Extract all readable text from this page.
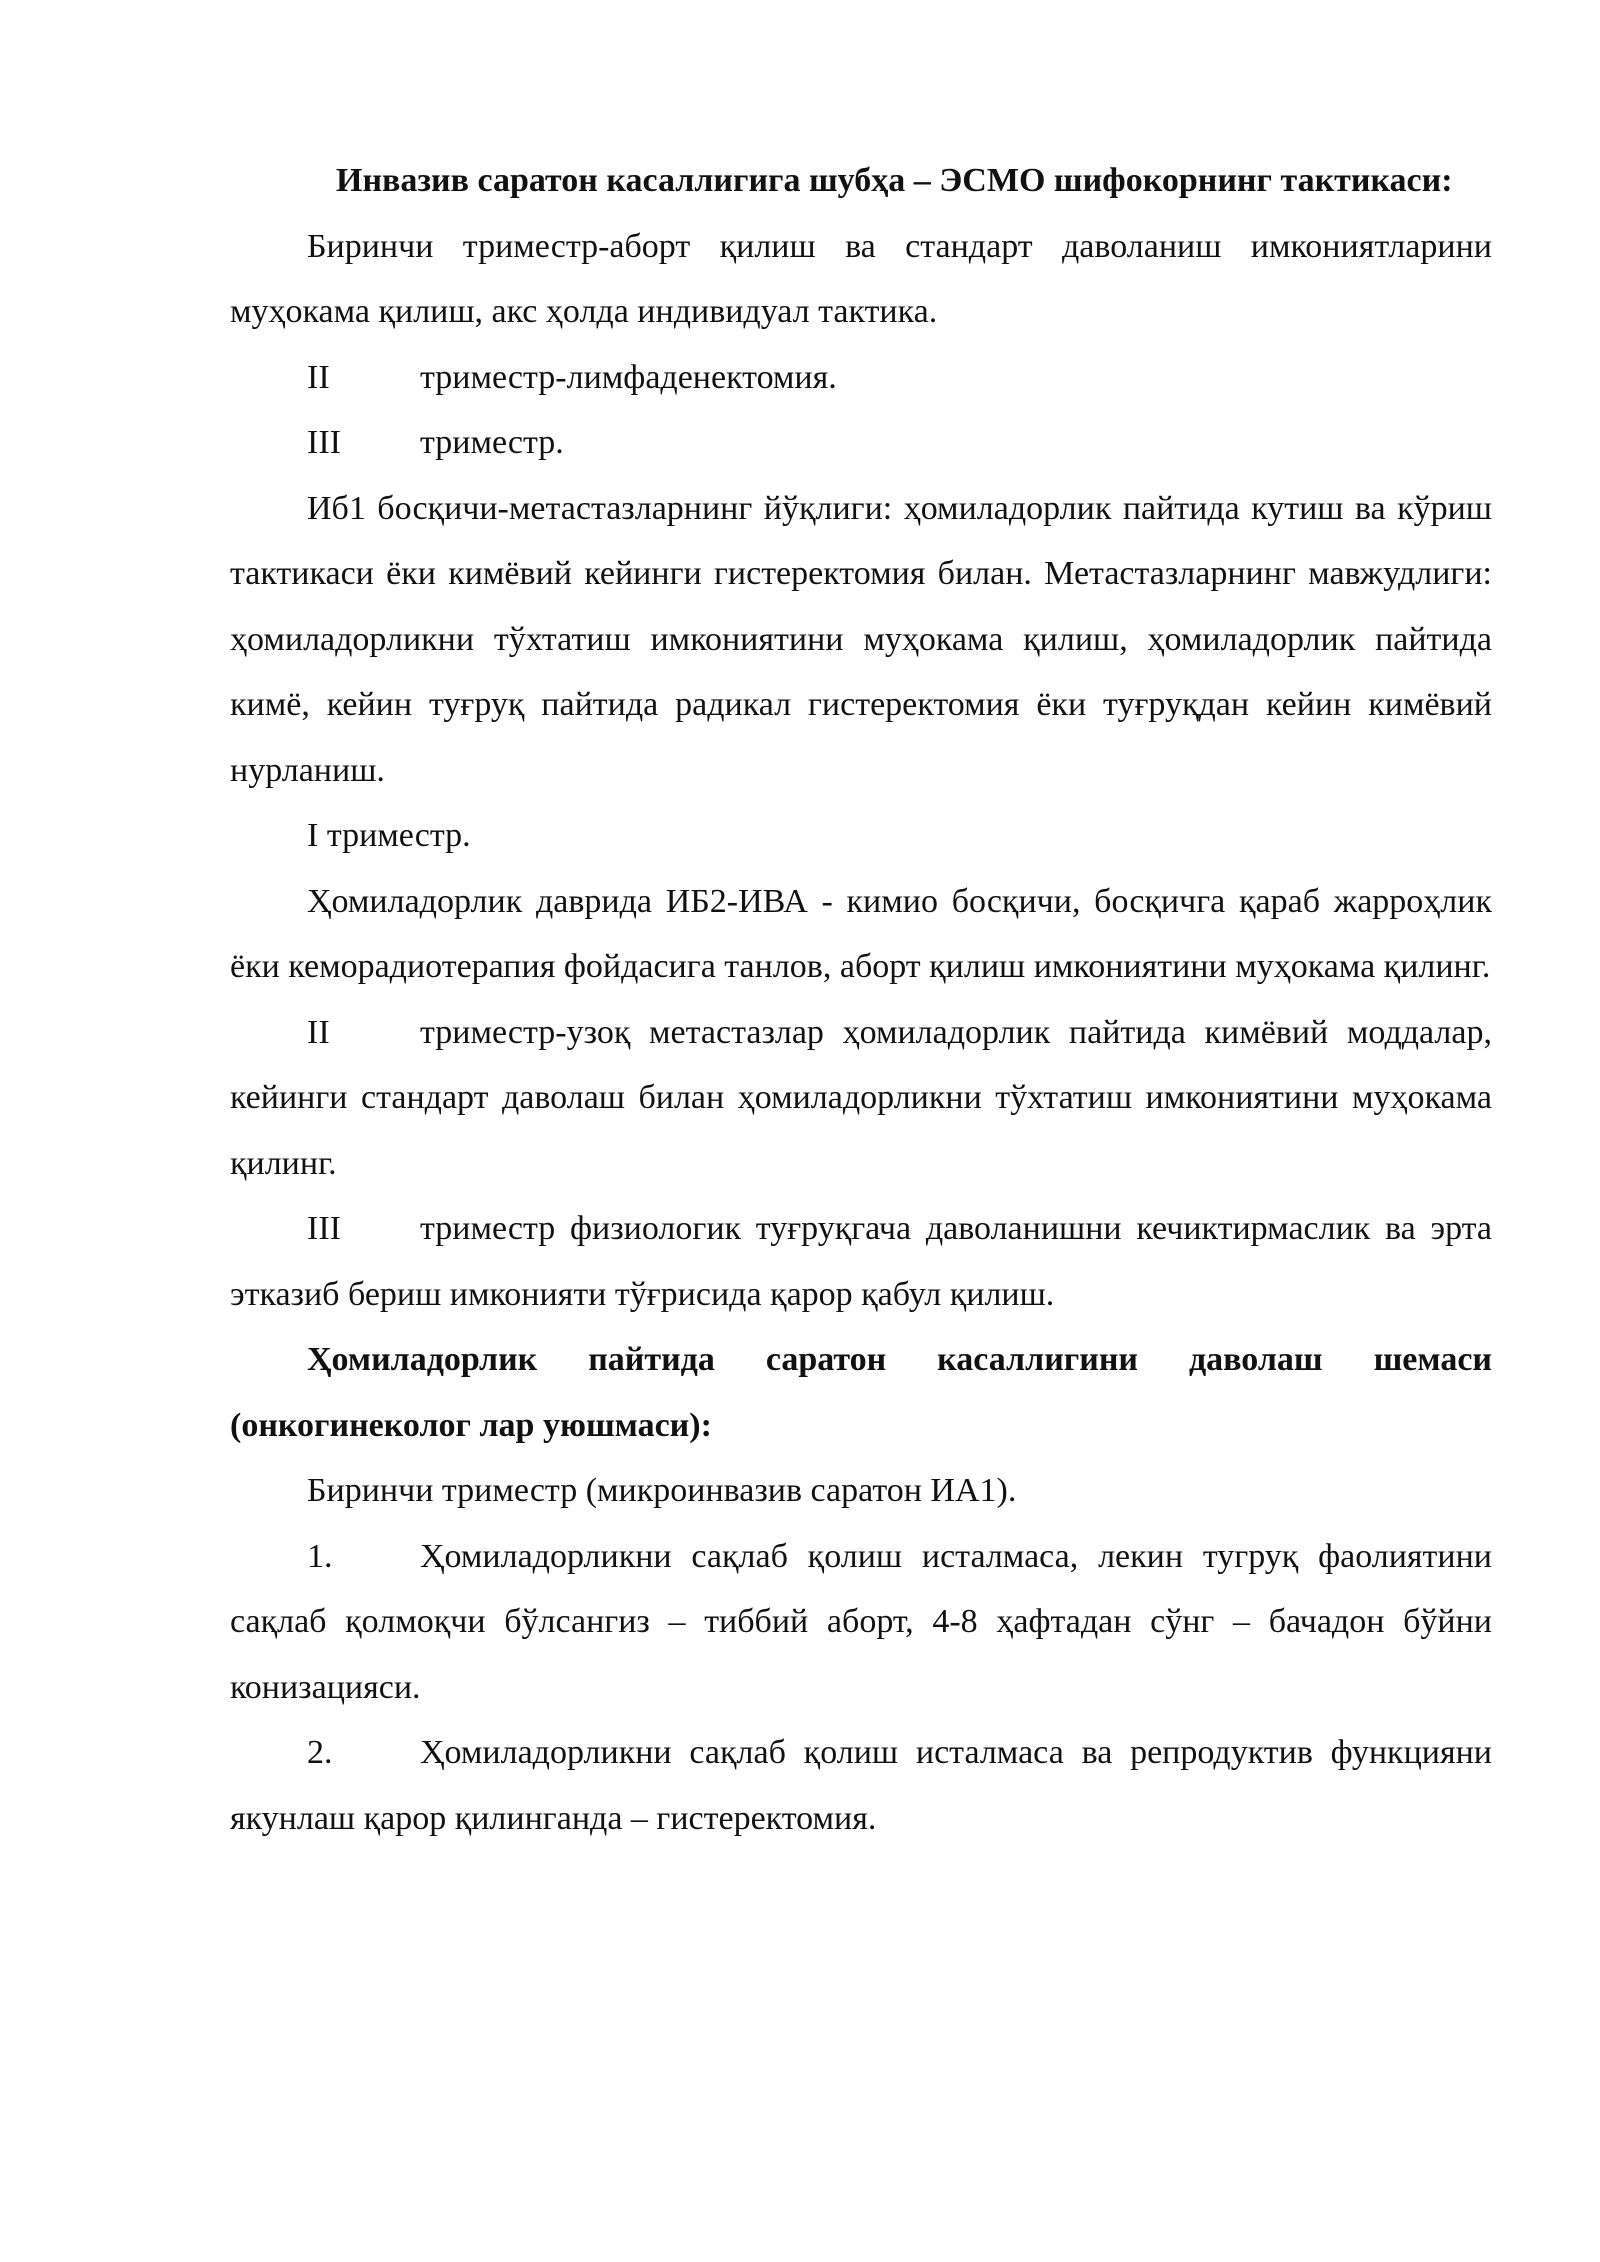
Инвазив саратон касаллигига шубҳа – ЭСМО шифокорнинг тактикаси:

Биринчи триместр-аборт қилиш ва стандарт даволаниш имкониятларини муҳокама қилиш, акс ҳолда индивидуал тактика.

II	триместр-лимфаденектомия.

III триместр.

Иб1 босқичи-метастазларнинг йўқлиги: ҳомиладорлик пайтида кутиш ва кўриш тактикаси ёки кимёвий кейинги гистеректомия билан. Метастазларнинг мавжудлиги: ҳомиладорликни тўхтатиш имкониятини муҳокама қилиш, ҳомиладорлик пайтида кимё, кейин туғруқ пайтида радикал гистеректомия ёки туғруқдан кейин кимёвий нурланиш.

I триместр.

Ҳомиладорлик даврида ИБ2-ИВА - кимио босқичи, босқичга қараб жарроҳлик ёки кеморадиотерапия фойдасига танлов, аборт қилиш имкониятини муҳокама қилинг.

II	триместр-узоқ метастазлар ҳомиладорлик пайтида кимёвий моддалар, кейинги стандарт даволаш билан ҳомиладорликни тўхтатиш имкониятини муҳокама қилинг.

III триместр физиологик туғруқгача даволанишни кечиктирмаслик ва эрта этказиб бериш имконияти тўғрисида қарор қабул қилиш.

Ҳомиладорлик пайтида саратон касаллигини даволаш шемаси (онкогинеколог лар уюшмаси):

Биринчи триместр (микроинвазив саратон ИА1).

1.	Ҳомиладорликни сақлаб қолиш исталмаса, лекин тугруқ фаолиятини сақлаб қолмоқчи бўлсангиз – тиббий аборт, 4-8 ҳафтадан сўнг – бачадон бўйни конизацияси.

2.	Ҳомиладорликни сақлаб қолиш исталмаса ва репродуктив функцияни якунлаш қарор қилинганда – гистеректомия.
